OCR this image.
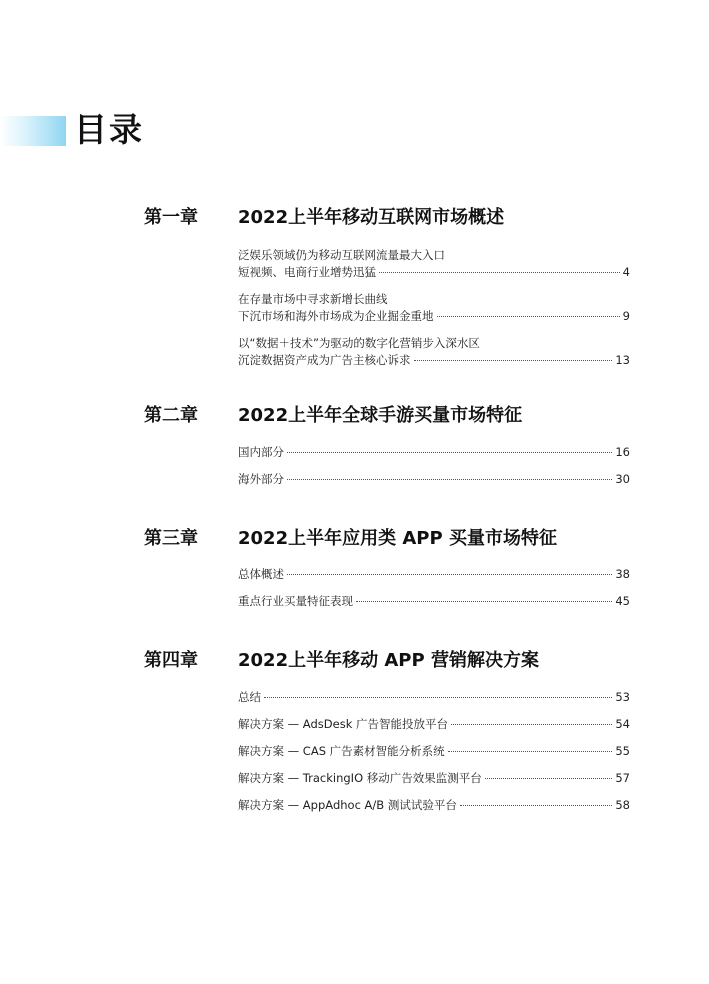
目录
第一章 2022上半年移动互联网市场概述
泛娱乐领域仍为移动互联网流量最大入口
短视频、电商行业增势迅猛	4
在存量市场中寻求新增长曲线
下沉市场和海外市场成为企业掘金重地	9
以“数据＋技术”为驱动的数字化营销步入深水区
沉淀数据资产成为广告主核心诉求	13
第二章 2022上半年全球手游买量市场特征
国内部分	16
海外部分	30
第三章 2022上半年应用类 APP 买量市场特征
总体概述	38
重点行业买量特征表现	45
第四章 2022上半年移动 APP 营销解决方案
总结	53
解决方案 — AdsDesk 广告智能投放平台	54
解决方案 — CAS 广告素材智能分析系统	55
解决方案 — TrackingIO 移动广告效果监测平台	57
解决方案 — AppAdhoc A/B 测试试验平台	58
